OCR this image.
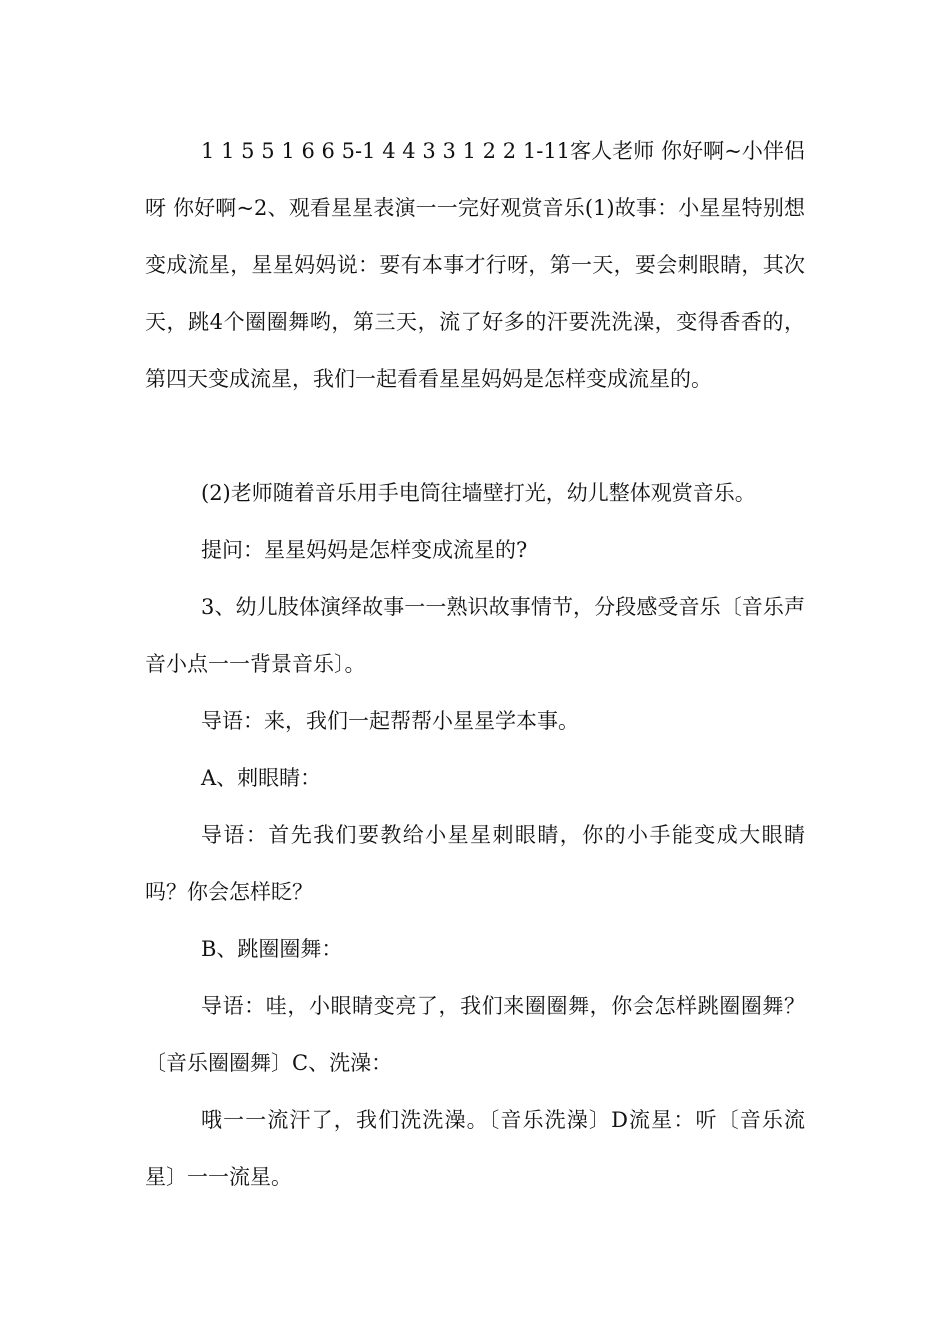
1 1 5 5 1 6 6 5-1 4 4 3 3 1 2 2 1-11客人老师 你好啊~小伴侣呀 你好啊~2、观看星星表演一一完好观赏音乐(1)故事：小星星特别想变成流星，星星妈妈说：要有本事才行呀，第一天，要会刺眼睛，其次天，跳4个圈圈舞哟，第三天，流了好多的汗要洗洗澡，变得香香的，第四天变成流星，我们一起看看星星妈妈是怎样变成流星的。

(2)老师随着音乐用手电筒往墙壁打光，幼儿整体观赏音乐。

提问：星星妈妈是怎样变成流星的?

3、幼儿肢体演绎故事一一熟识故事情节，分段感受音乐〔音乐声音小点一一背景音乐〕。

导语：来，我们一起帮帮小星星学本事。

A、刺眼睛：

导语：首先我们要教给小星星刺眼睛，你的小手能变成大眼睛吗？你会怎样眨？

B、跳圈圈舞：

导语：哇，小眼睛变亮了，我们来圈圈舞，你会怎样跳圈圈舞？〔音乐圈圈舞〕C、洗澡：

哦一一流汗了，我们洗洗澡。〔音乐洗澡〕D流星：听〔音乐流星〕一一流星。
